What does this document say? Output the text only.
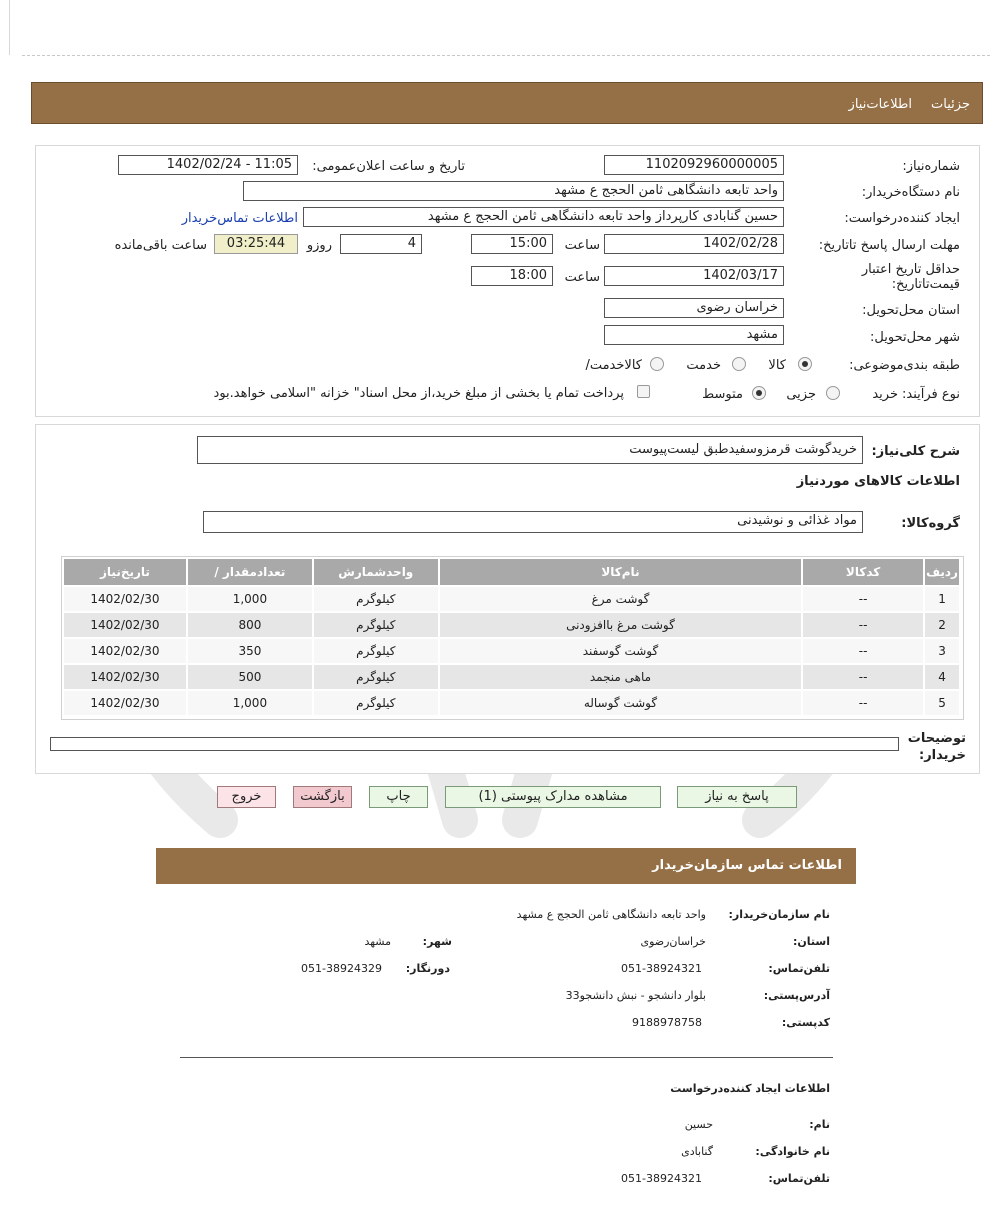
جزئیات
اطلاعات‌نیاز
شماره‌نیاز:
1102092960000005
تاریخ و ساعت اعلان‌عمومی:
1402/02/24 - 11:05
نام دستگاه‌خریدار:
واحد تابعه دانشگاهی ثامن الحجج ع مشهد
ایجاد کننده‌درخواست:
حسین گنابادی کارپرداز واحد تابعه دانشگاهی ثامن الحجج ع مشهد
اطلاعات تماس‌خریدار
مهلت ارسال پاسخ تا‌تاریخ:
1402/02/28
ساعت
15:00
4
روزو
03:25:44
ساعت باقی‌مانده
حداقل تاریخ اعتبار قیمت‌تا‌تاریخ:
1402/03/17
ساعت
18:00
استان محل‌تحویل:
خراسان رضوی
شهر محل‌تحویل:
مشهد
طبقه بندی‌موضوعی:
کالا
خدمت
کالا‌خدمت/
نوع فرآیند:
خرید
جزیی
متوسط
پرداخت تمام یا بخشی از مبلغ خرید،از محل اسناد" خزانه "اسلامی خواهد.بود
شرح کلی‌نیاز:
خریدگوشت قرمزوسفیدطبق لیست‌پیوست
اطلاعات کالاهای موردنیاز
گروه‌کالا:
مواد غذائی و نوشیدنی
ردیف	کدکالا	نام‌کالا	واحدشمارش	تعدادمقدار /	تاریخ‌نیاز
1	--	گوشت مرغ	کیلوگرم	1,000	1402/02/30
2	--	گوشت مرغ باافزودنی	کیلوگرم	800	1402/02/30
3	--	گوشت گوسفند	کیلوگرم	350	1402/02/30
4	--	ماهی منجمد	کیلوگرم	500	1402/02/30
5	--	گوشت گوساله	کیلوگرم	1,000	1402/02/30
توضیحات خریدار:
پاسخ به نیاز
مشاهده مدارک پیوستی (1)
چاپ
بازگشت
خروج
اطلاعات تماس سازمان‌خریدار
نام سازمان‌خریدار:
واحد تابعه دانشگاهی ثامن الحجج ع مشهد
استان:
خراسان‌رضوی
شهر:
مشهد
تلفن‌تماس:
051-38924321
دورنگار:
051-38924329
آدرس‌پستی:
بلوار دانشجو - نبش دانشجو33
کد‌پستی:
9188978758
اطلاعات ایجاد کننده‌درخواست
نام:
حسین
نام خانوادگی:
گنابادی
تلفن‌تماس:
051-38924321
